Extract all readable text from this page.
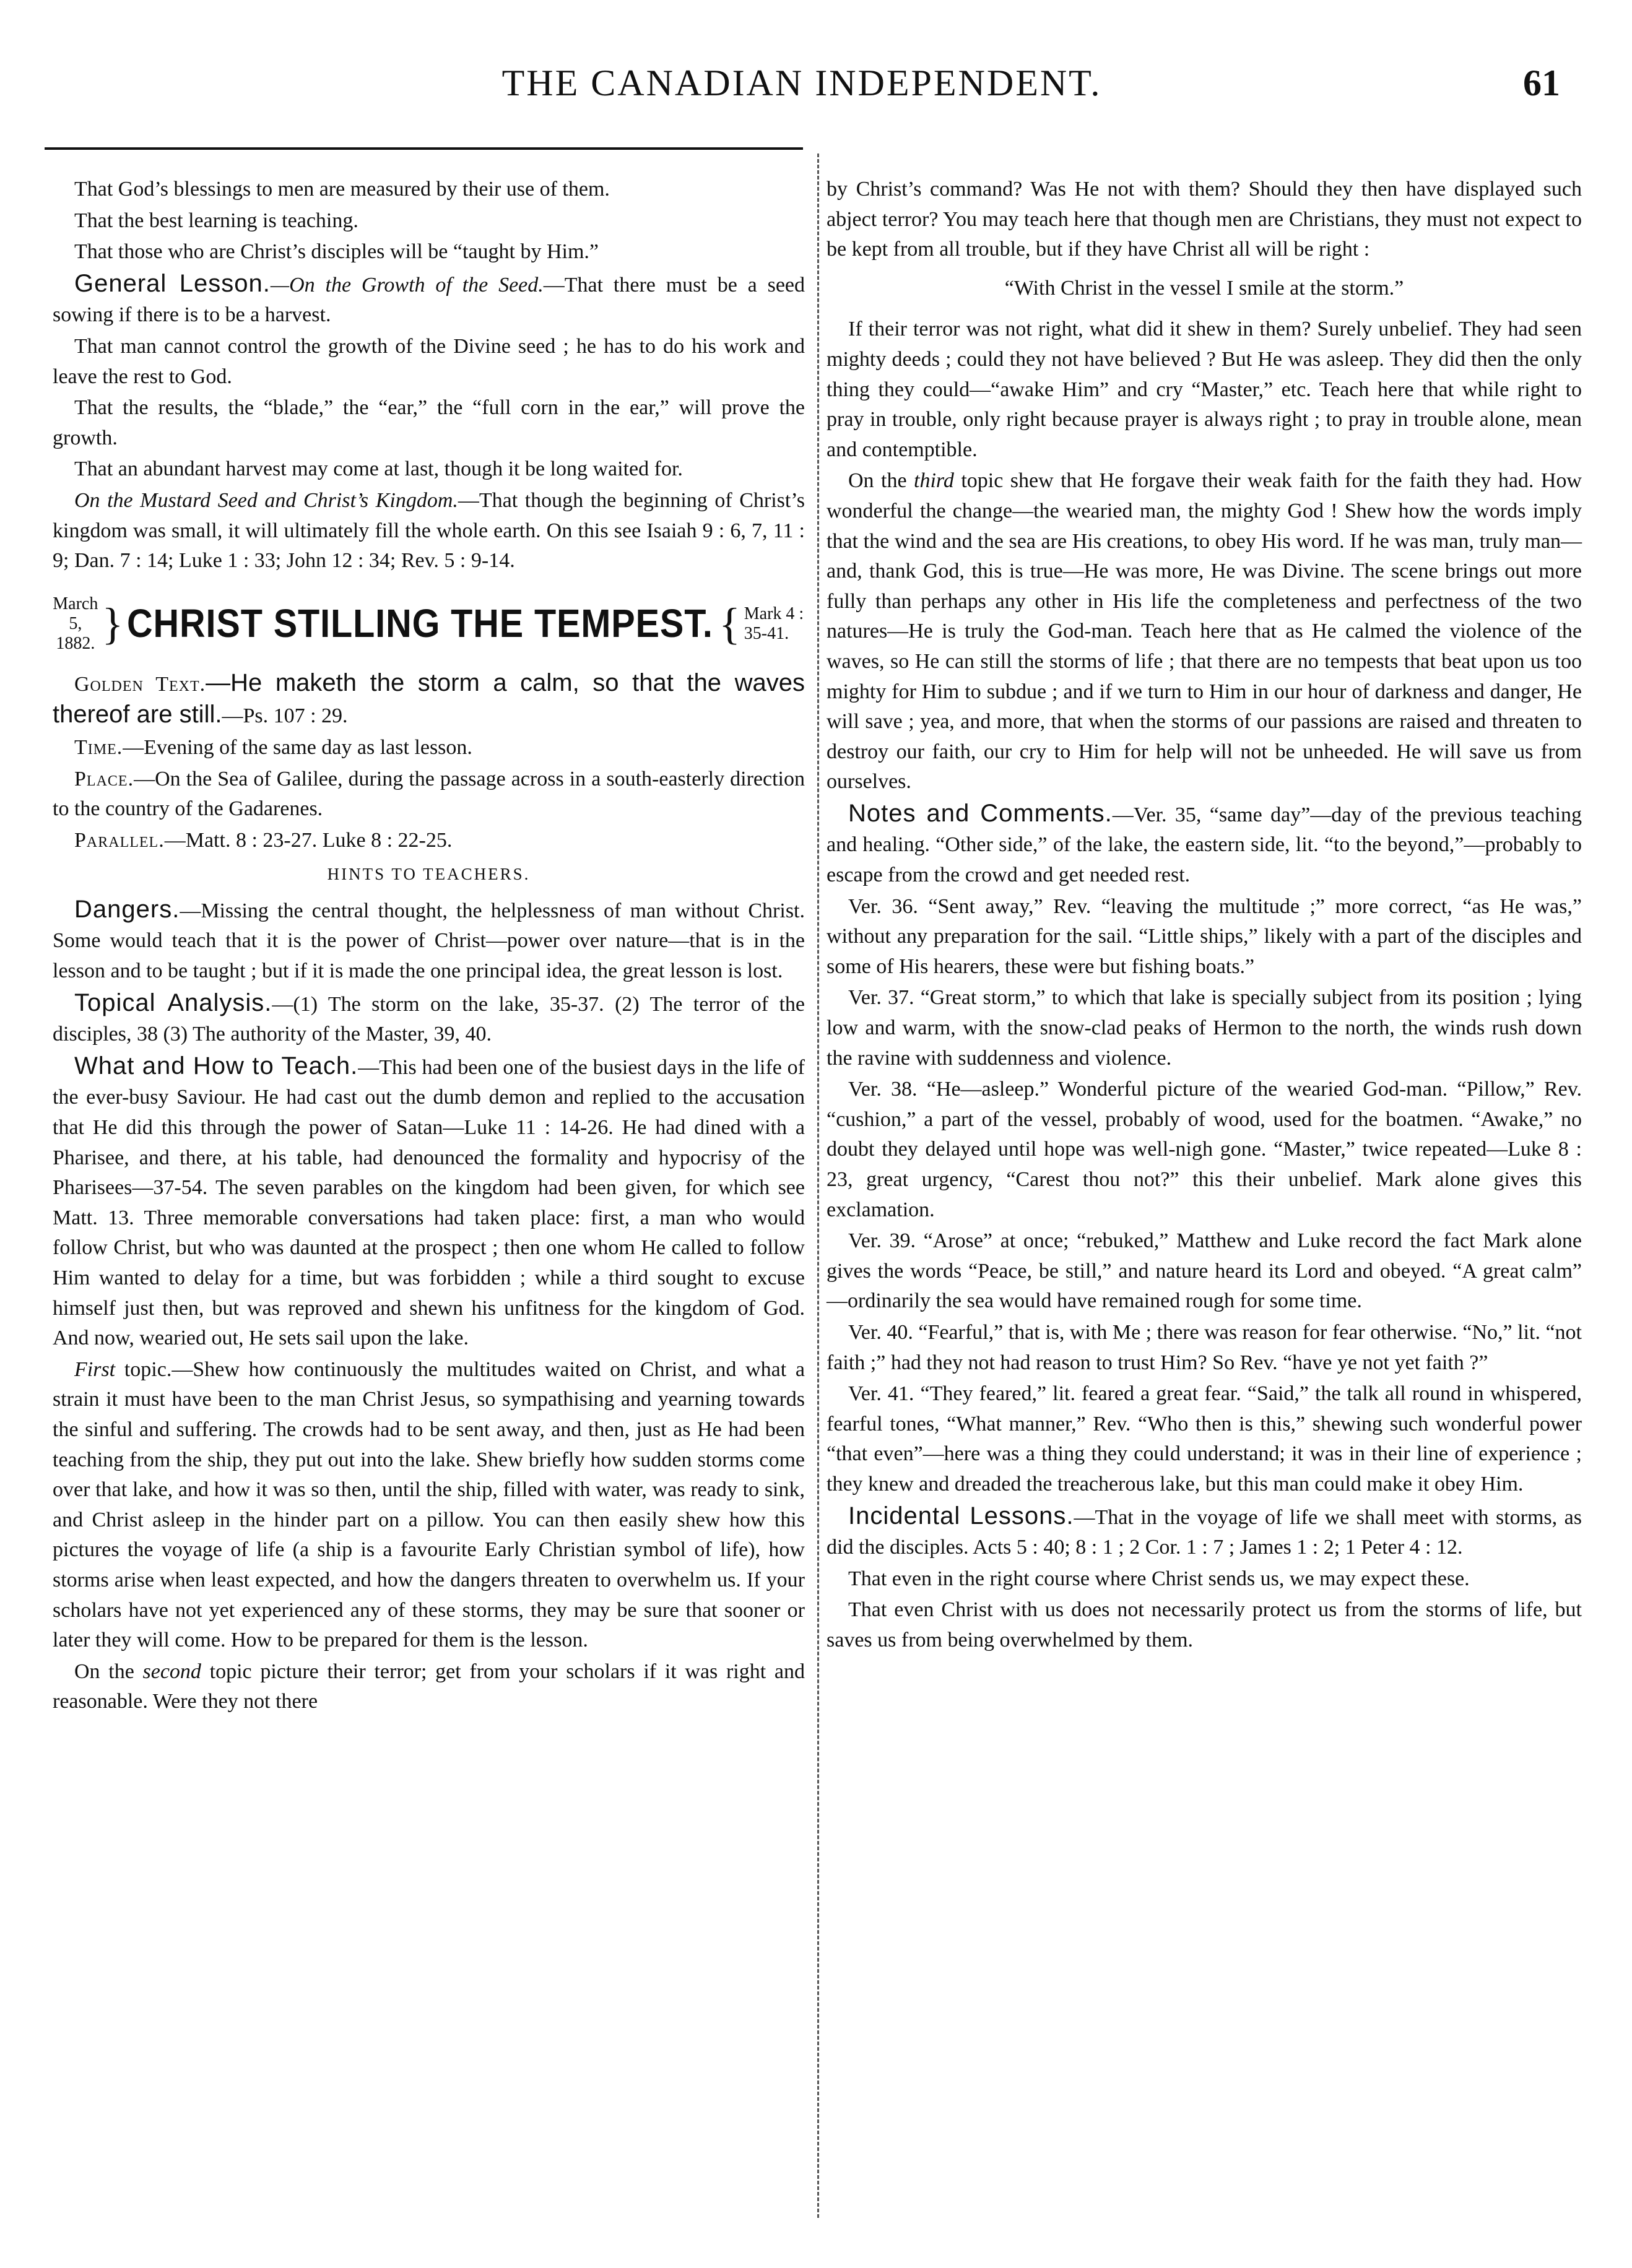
THE CANADIAN INDEPENDENT.	61

That God’s blessings to men are measured by their use of them.

That the best learning is teaching.

That those who are Christ’s disciples will be “taught by Him.”

General Lesson.—On the Growth of the Seed.—That there must be a seed sowing if there is to be a harvest.

That man cannot control the growth of the Divine seed ; he has to do his work and leave the rest to God.

That the results, the “blade,” the “ear,” the “full corn in the ear,” will prove the growth.

That an abundant harvest may come at last, though it be long waited for.

On the Mustard Seed and Christ’s Kingdom.—That though the beginning of Christ’s kingdom was small, it will ultimately fill the whole earth. On this see Isaiah 9 : 6, 7, 11 : 9; Dan. 7 : 14; Luke 1 : 33; John 12 : 34; Rev. 5 : 9-14.

March 5,
1882. } CHRIST STILLING THE TEMPEST. { Mark 4 :
35-41.

Golden Text.—He maketh the storm a calm, so that the waves thereof are still.—Ps. 107 : 29.

Time.—Evening of the same day as last lesson.

Place.—On the Sea of Galilee, during the passage across in a south-easterly direction to the country of the Gadarenes.

Parallel.—Matt. 8 : 23-27. Luke 8 : 22-25.

HINTS TO TEACHERS.

Dangers.—Missing the central thought, the helplessness of man without Christ. Some would teach that it is the power of Christ—power over nature—that is in the lesson and to be taught ; but if it is made the one principal idea, the great lesson is lost.

Topical Analysis.—(1) The storm on the lake, 35-37. (2) The terror of the disciples, 38 (3) The authority of the Master, 39, 40.

What and How to Teach.—This had been one of the busiest days in the life of the ever-busy Saviour. He had cast out the dumb demon and replied to the accusation that He did this through the power of Satan—Luke 11 : 14-26. He had dined with a Pharisee, and there, at his table, had denounced the formality and hypocrisy of the Pharisees—37-54. The seven parables on the kingdom had been given, for which see Matt. 13. Three memorable conversations had taken place: first, a man who would follow Christ, but who was daunted at the prospect ; then one whom He called to follow Him wanted to delay for a time, but was forbidden ; while a third sought to excuse himself just then, but was reproved and shewn his unfitness for the kingdom of God. And now, wearied out, He sets sail upon the lake.

First topic.—Shew how continuously the multitudes waited on Christ, and what a strain it must have been to the man Christ Jesus, so sympathising and yearning towards the sinful and suffering. The crowds had to be sent away, and then, just as He had been teaching from the ship, they put out into the lake. Shew briefly how sudden storms come over that lake, and how it was so then, until the ship, filled with water, was ready to sink, and Christ asleep in the hinder part on a pillow. You can then easily shew how this pictures the voyage of life (a ship is a favourite Early Christian symbol of life), how storms arise when least expected, and how the dangers threaten to overwhelm us. If your scholars have not yet experienced any of these storms, they may be sure that sooner or later they will come. How to be prepared for them is the lesson.

On the second topic picture their terror; get from your scholars if it was right and reasonable. Were they not there

by Christ’s command? Was He not with them? Should they then have displayed such abject terror? You may teach here that though men are Christians, they must not expect to be kept from all trouble, but if they have Christ all will be right :

“With Christ in the vessel I smile at the storm.”

If their terror was not right, what did it shew in them? Surely unbelief. They had seen mighty deeds ; could they not have believed ? But He was asleep. They did then the only thing they could—“awake Him” and cry “Master,” etc. Teach here that while right to pray in trouble, only right because prayer is always right ; to pray in trouble alone, mean and contemptible.

On the third topic shew that He forgave their weak faith for the faith they had. How wonderful the change—the wearied man, the mighty God ! Shew how the words imply that the wind and the sea are His creations, to obey His word. If he was man, truly man—and, thank God, this is true—He was more, He was Divine. The scene brings out more fully than perhaps any other in His life the completeness and perfectness of the two natures—He is truly the God-man. Teach here that as He calmed the violence of the waves, so He can still the storms of life ; that there are no tempests that beat upon us too mighty for Him to subdue ; and if we turn to Him in our hour of darkness and danger, He will save ; yea, and more, that when the storms of our passions are raised and threaten to destroy our faith, our cry to Him for help will not be unheeded. He will save us from ourselves.

Notes and Comments.—Ver. 35, “same day”—day of the previous teaching and healing. “Other side,” of the lake, the eastern side, lit. “to the beyond,”—probably to escape from the crowd and get needed rest.

Ver. 36. “Sent away,” Rev. “leaving the multitude ;” more correct, “as He was,” without any preparation for the sail. “Little ships,” likely with a part of the disciples and some of His hearers, these were but fishing boats.”

Ver. 37. “Great storm,” to which that lake is specially subject from its position ; lying low and warm, with the snow-clad peaks of Hermon to the north, the winds rush down the ravine with suddenness and violence.

Ver. 38. “He—asleep.” Wonderful picture of the wearied God-man. “Pillow,” Rev. “cushion,” a part of the vessel, probably of wood, used for the boatmen. “Awake,” no doubt they delayed until hope was well-nigh gone. “Master,” twice repeated—Luke 8 : 23, great urgency, “Carest thou not?” this their unbelief. Mark alone gives this exclamation.

Ver. 39. “Arose” at once; “rebuked,” Matthew and Luke record the fact Mark alone gives the words “Peace, be still,” and nature heard its Lord and obeyed. “A great calm” —ordinarily the sea would have remained rough for some time.

Ver. 40. “Fearful,” that is, with Me ; there was reason for fear otherwise. “No,” lit. “not faith ;” had they not had reason to trust Him? So Rev. “have ye not yet faith ?”

Ver. 41. “They feared,” lit. feared a great fear. “Said,” the talk all round in whispered, fearful tones, “What manner,” Rev. “Who then is this,” shewing such wonderful power “that even”—here was a thing they could understand; it was in their line of experience ; they knew and dreaded the treacherous lake, but this man could make it obey Him.

Incidental Lessons.—That in the voyage of life we shall meet with storms, as did the disciples. Acts 5 : 40; 8 : 1 ; 2 Cor. 1 : 7 ; James 1 : 2; 1 Peter 4 : 12.

That even in the right course where Christ sends us, we may expect these.

That even Christ with us does not necessarily protect us from the storms of life, but saves us from being overwhelmed by them.
